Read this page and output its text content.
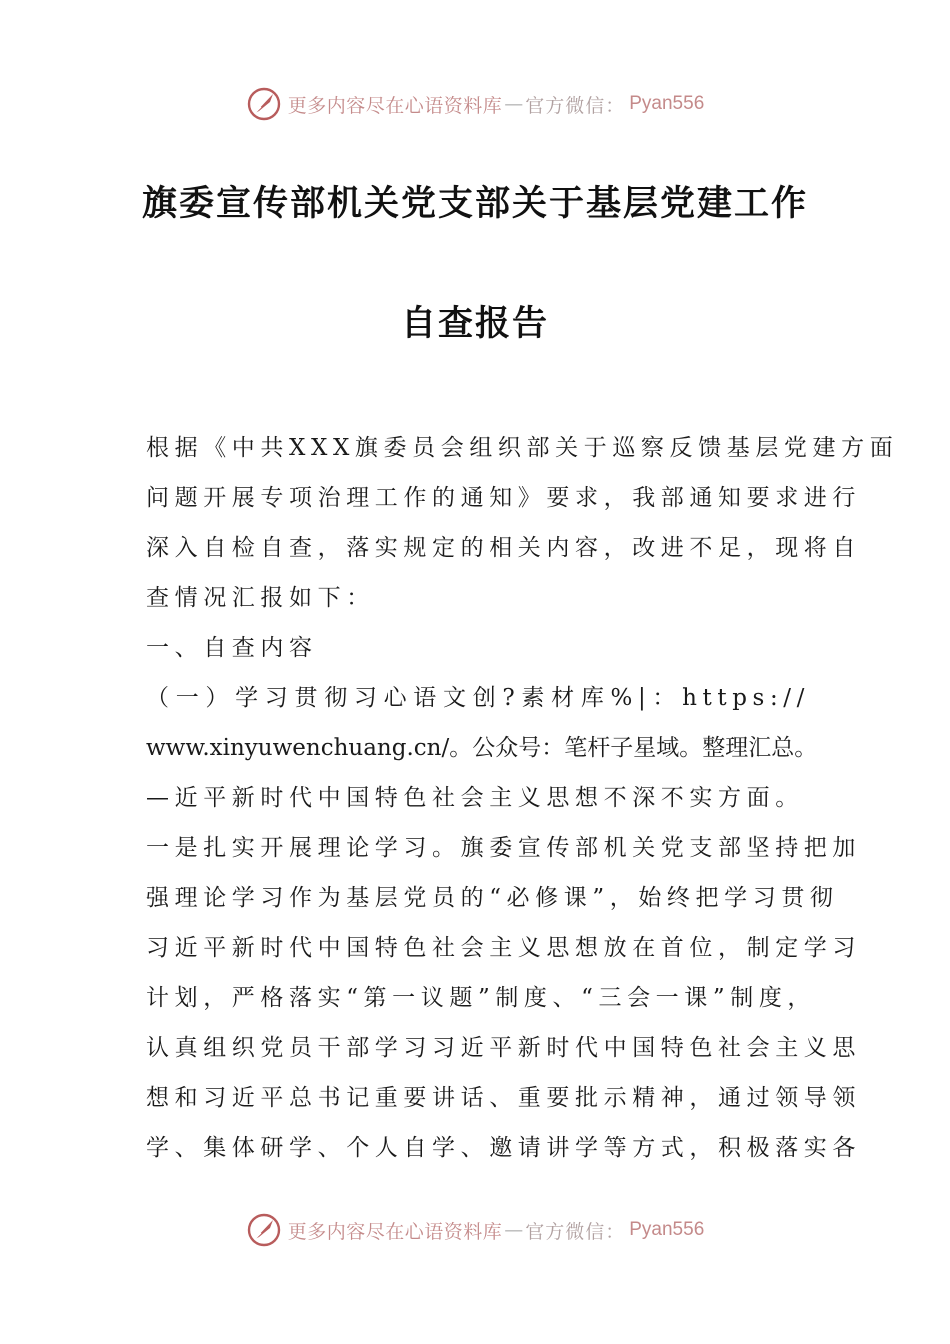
更多内容尽在心语资料库 — 官方微信： Pyan556
旗委宣传部机关党支部关于基层党建工作
自查报告
根据《中共XXX旗委员会组织部关于巡察反馈基层党建方面
问题开展专项治理工作的通知》要求，我部通知要求进行
深入自检自查，落实规定的相关内容，改进不足，现将自
查情况汇报如下：
一、自查内容
（一）学习贯彻习心语文创?素材库%|：https://
www.xinyuwenchuang.cn/。公众号：笔杆子星域。整理汇总。
—近平新时代中国特色社会主义思想不深不实方面。
一是扎实开展理论学习。旗委宣传部机关党支部坚持把加
强理论学习作为基层党员的“必修课”，始终把学习贯彻
习近平新时代中国特色社会主义思想放在首位，制定学习
计划，严格落实“第一议题”制度、“三会一课”制度，
认真组织党员干部学习习近平新时代中国特色社会主义思
想和习近平总书记重要讲话、重要批示精神，通过领导领
学、集体研学、个人自学、邀请讲学等方式，积极落实各
更多内容尽在心语资料库 — 官方微信： Pyan556
